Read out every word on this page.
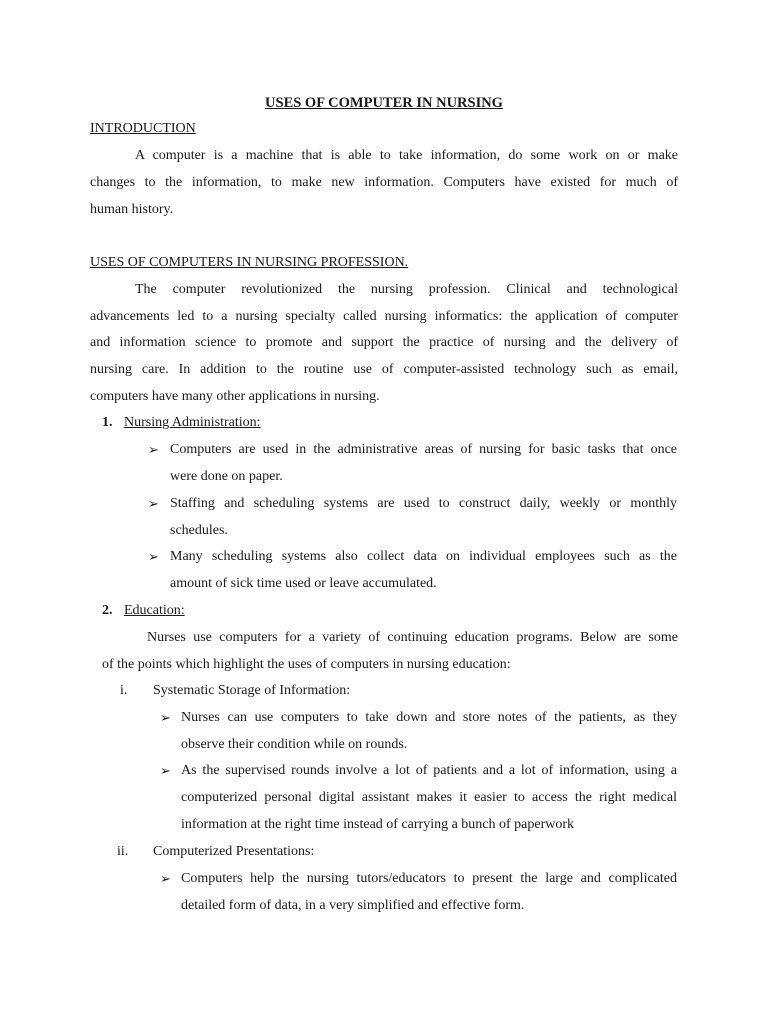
USES OF COMPUTER IN NURSING
INTRODUCTION
A computer is a machine that is able to take information, do some work on or make
changes to the information, to make new information. Computers have existed for much of
human history.
USES OF COMPUTERS IN NURSING PROFESSION.
The computer revolutionized the nursing profession. Clinical and technological
advancements led to a nursing specialty called nursing informatics: the application of computer
and information science to promote and support the practice of nursing and the delivery of
nursing care. In addition to the routine use of computer-assisted technology such as email,
computers have many other applications in nursing.
1. Nursing Administration:
➢ Computers are used in the administrative areas of nursing for basic tasks that once
were done on paper.
➢ Staffing and scheduling systems are used to construct daily, weekly or monthly
schedules.
➢ Many scheduling systems also collect data on individual employees such as the
amount of sick time used or leave accumulated.
2. Education:
Nurses use computers for a variety of continuing education programs. Below are some
of the points which highlight the uses of computers in nursing education:
i. Systematic Storage of Information:
➢ Nurses can use computers to take down and store notes of the patients, as they
observe their condition while on rounds.
➢ As the supervised rounds involve a lot of patients and a lot of information, using a
computerized personal digital assistant makes it easier to access the right medical
information at the right time instead of carrying a bunch of paperwork
ii. Computerized Presentations:
➢ Computers help the nursing tutors/educators to present the large and complicated
detailed form of data, in a very simplified and effective form.
